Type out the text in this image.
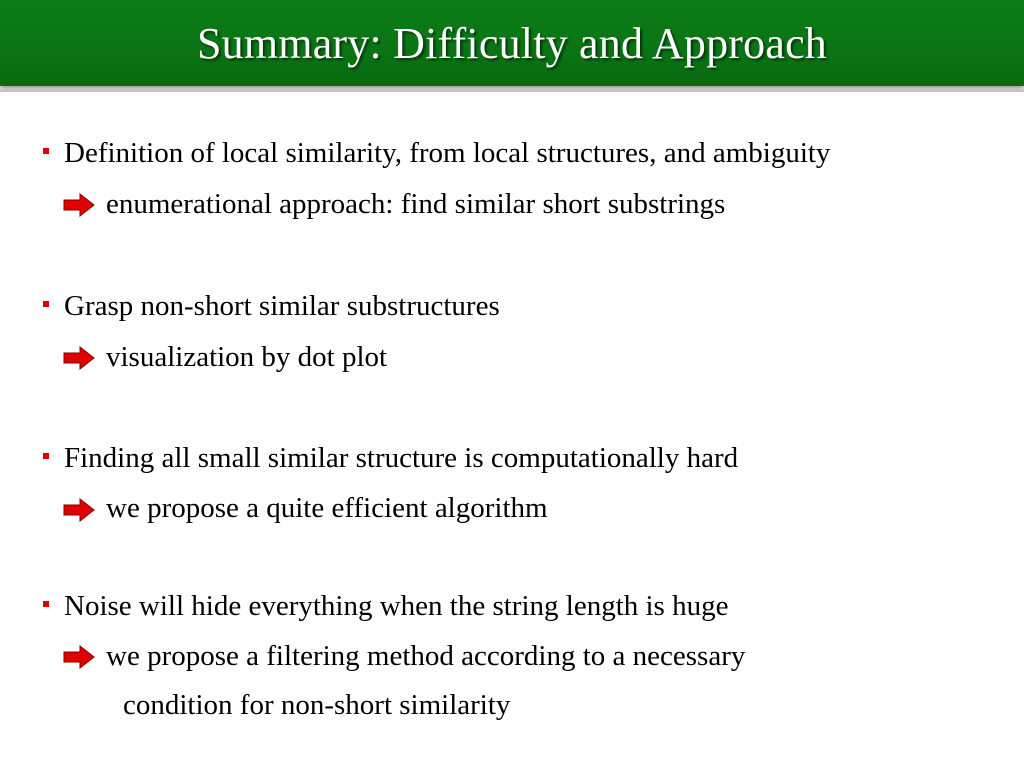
Summary: Difficulty and Approach
Definition of local similarity, from local structures, and ambiguity
enumerational approach: find similar short substrings
Grasp non-short similar substructures
visualization by dot plot
Finding all small similar structure is computationally hard
we propose a quite efficient algorithm
Noise will hide everything when the string length is huge
we propose a filtering method according to a necessary
condition for non-short similarity
